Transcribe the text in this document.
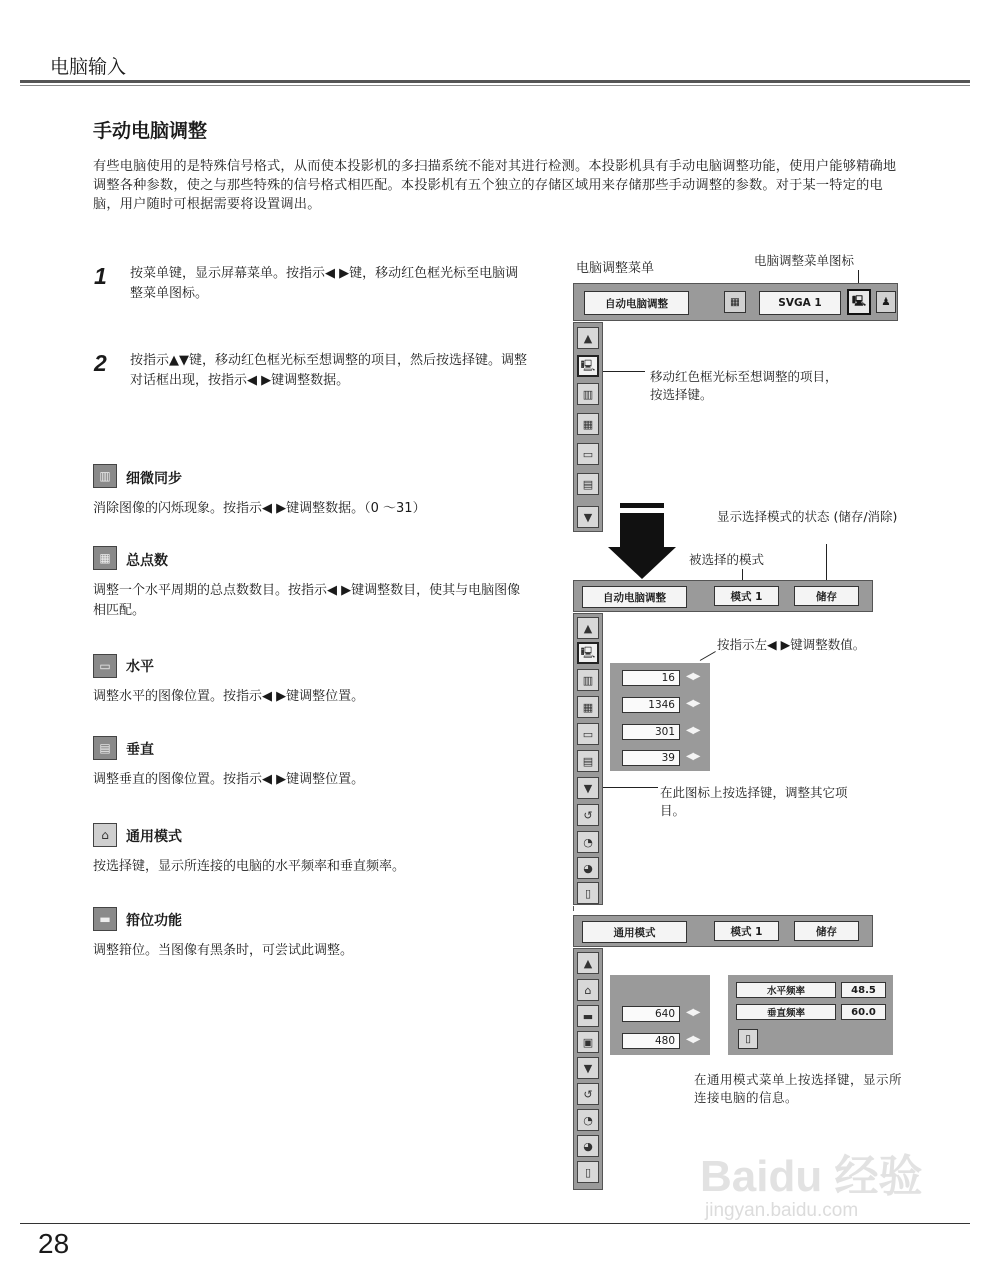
电脑输入
手动电脑调整
有些电脑使用的是特殊信号格式，从而使本投影机的多扫描系统不能对其进行检测。本投影机具有手动电脑调整功能，使用户能够精确地调整各种参数，使之与那些特殊的信号格式相匹配。本投影机有五个独立的存储区域用来存储那些手动调整的参数。对于某一特定的电脑，用户随时可根据需要将设置调出。
1 按菜单键，显示屏幕菜单。按指示◀ ▶键，移动红色框光标至电脑调整菜单图标。
2 按指示▲▼键，移动红色框光标至想调整的项目，然后按选择键。调整对话框出现，按指示◀ ▶键调整数据。
▥	细微同步
消除图像的闪烁现象。按指示◀ ▶键调整数据。（0 ～31）
▦	总点数
调整一个水平周期的总点数数目。按指示◀ ▶键调整数目，使其与电脑图像相匹配。
▭	水平
调整水平的图像位置。按指示◀ ▶键调整位置。
▤	垂直
调整垂直的图像位置。按指示◀ ▶键调整位置。
⌂	通用模式
按选择键，显示所连接的电脑的水平频率和垂直频率。
▬	箝位功能
调整箝位。当图像有黑条时，可尝试此调整。
电脑调整菜单
电脑调整菜单图标
自动电脑调整	▦	SVGA 1	🖳	♟
▲
🖳
▥
▦
▭
▤
▼
移动红色框光标至想调整的项目，按选择键。
显示选择模式的状态 (储存/消除)
被选择的模式
自动电脑调整	模式 1	储存
▲
🖳
▥
▦
▭
▤
▼
↺
◔
◕
▯
16	◀▶
1346	◀▶
301	◀▶
39	◀▶
按指示左◀ ▶键调整数值。
在此图标上按选择键，调整其它项目。
通用模式	模式 1	储存
▲
⌂
▬
▣
▼
↺
◔
◕
▯
640	◀▶
480	◀▶
水平频率	48.5
垂直频率	60.0
▯
在通用模式菜单上按选择键，显示所连接电脑的信息。
Baidu 经验
jingyan.baidu.com
28
